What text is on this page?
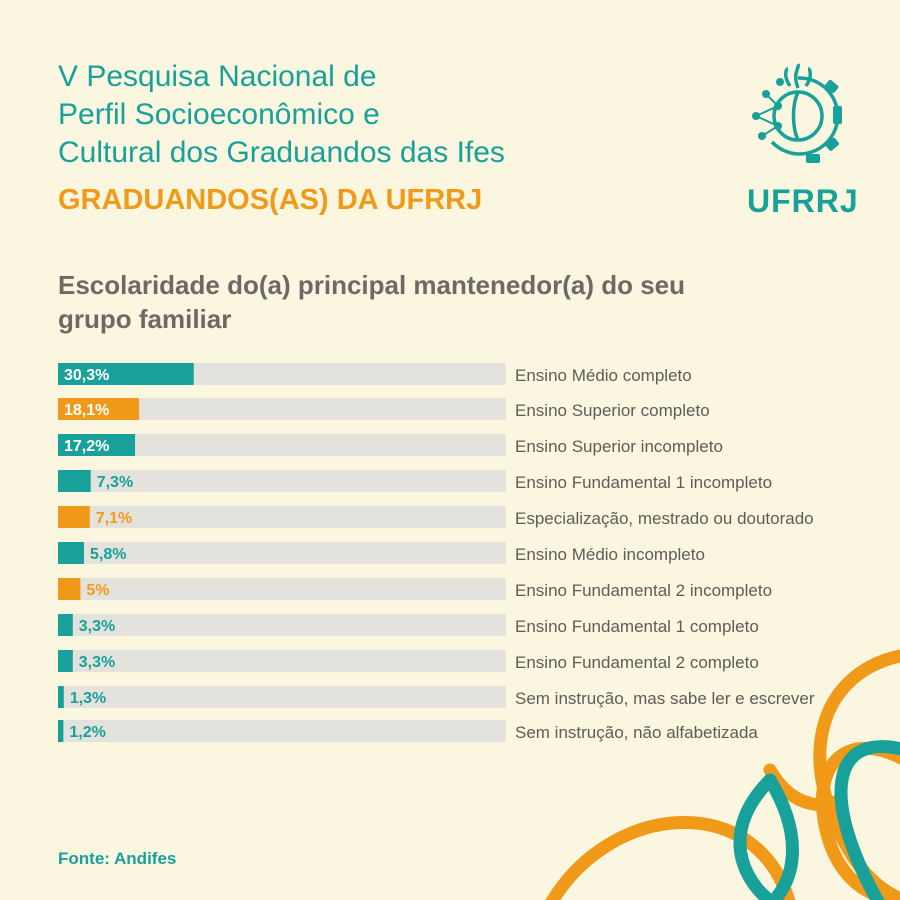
V Pesquisa Nacional de
Perfil Socioeconômico e
Cultural dos Graduandos das Ifes
GRADUANDOS(AS) DA UFRRJ	UFRRJ
Escolaridade do(a) principal mantenedor(a) do seu
grupo familiar
30,3%	Ensino Médio completo
18,1%	Ensino Superior completo
17,2%	Ensino Superior incompleto
7,3%	Ensino Fundamental 1 incompleto
7,1%	Especialização, mestrado ou doutorado
5,8%	Ensino Médio incompleto
5%	Ensino Fundamental 2 incompleto
3,3%	Ensino Fundamental 1 completo
3,3%	Ensino Fundamental 2 completo
1,3%	Sem instrução, mas sabe ler e escrever
1,2%	Sem instrução, não alfabetizada
Fonte: Andifes
